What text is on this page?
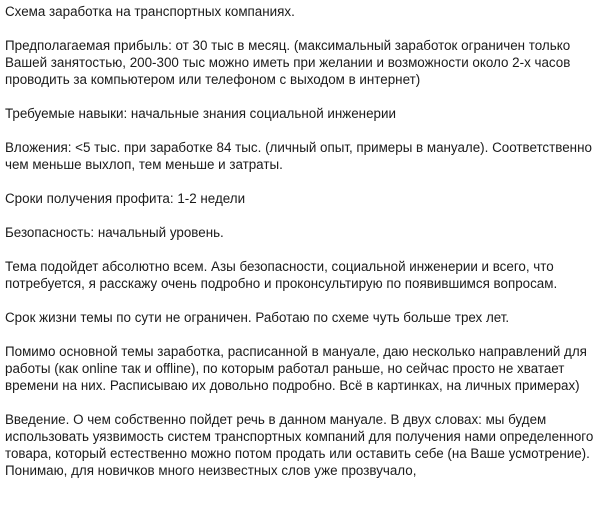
Схема заработка на транспортных компаниях.

Предполагаемая прибыль: от 30 тыс в месяц. (максимальный заработок ограничен только Вашей занятостью, 200-300 тыс можно иметь при желании и возможности около 2-х часов проводить за компьютером или телефоном с выходом в интернет)

Требуемые навыки: начальные знания социальной инженерии

Вложения: <5 тыс. при заработке 84 тыс. (личный опыт, примеры в мануале). Соответственно чем меньше выхлоп, тем меньше и затраты.

Сроки получения профита: 1-2 недели

Безопасность: начальный уровень.

Тема подойдет абсолютно всем. Азы безопасности, социальной инженерии и всего, что потребуется, я расскажу очень подробно и проконсультирую по появившимся вопросам.

Срок жизни темы по сути не ограничен. Работаю по схеме чуть больше трех лет.

Помимо основной темы заработка, расписанной в мануале, даю несколько направлений для работы (как online так и offline), по которым работал раньше, но сейчас просто не хватает времени на них. Расписываю их довольно подробно. Всё в картинках, на личных примерах)

Введение. О чем собственно пойдет речь в данном мануале. В двух словах: мы будем использовать уязвимость систем транспортных компаний для получения нами определенного товара, который естественно можно потом продать или оставить себе (на Ваше усмотрение). Понимаю, для новичков много неизвестных слов уже прозвучало,
